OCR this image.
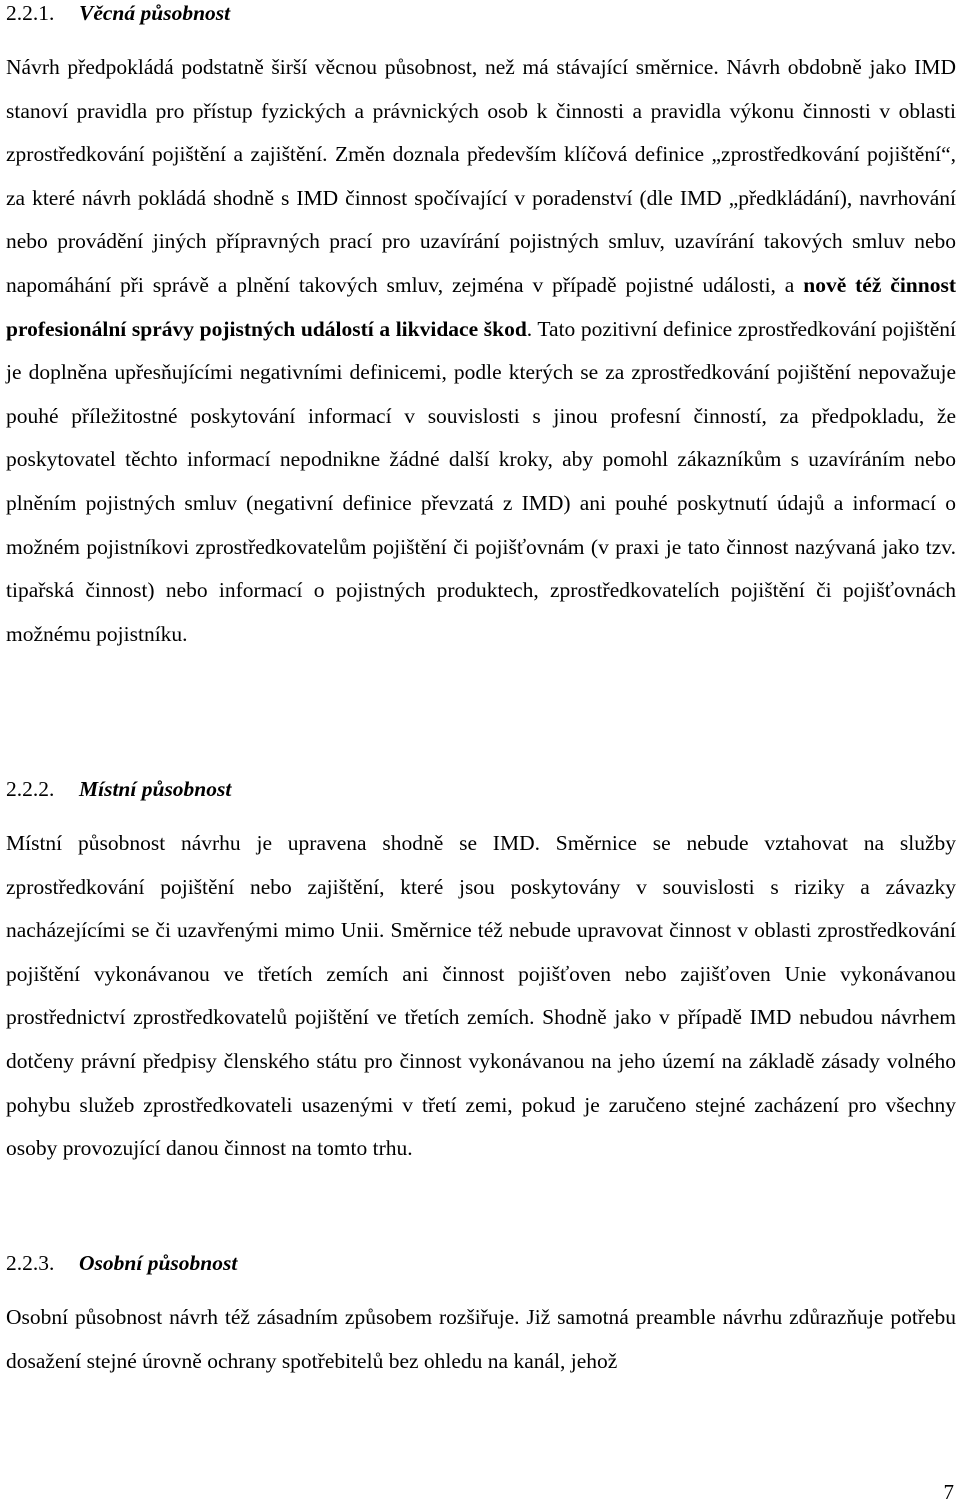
2.2.1. Věcná působnost
Návrh předpokládá podstatně širší věcnou působnost, než má stávající směrnice. Návrh obdobně jako IMD stanoví pravidla pro přístup fyzických a právnických osob k činnosti a pravidla výkonu činnosti v oblasti zprostředkování pojištění a zajištění. Změn doznala především klíčová definice „zprostředkování pojištění“, za které návrh pokládá shodně s IMD činnost spočívající v poradenství (dle IMD „předkládání), navrhování nebo provádění jiných přípravných prací pro uzavírání pojistných smluv, uzavírání takových smluv nebo napomáhání při správě a plnění takových smluv, zejména v případě pojistné události, a nově též činnost profesionální správy pojistných událostí a likvidace škod. Tato pozitivní definice zprostředkování pojištění je doplněna upřesňujícími negativními definicemi, podle kterých se za zprostředkování pojištění nepovažuje pouhé příležitostné poskytování informací v souvislosti s jinou profesní činností, za předpokladu, že poskytovatel těchto informací nepodnikne žádné další kroky, aby pomohl zákazníkům s uzavíráním nebo plněním pojistných smluv (negativní definice převzatá z IMD) ani pouhé poskytnutí údajů a informací o možném pojistníkovi zprostředkovatelům pojištění či pojišťovnám (v praxi je tato činnost nazývaná jako tzv. tipařská činnost) nebo informací o pojistných produktech, zprostředkovatelích pojištění či pojišťovnách možnému pojistníku.
2.2.2. Místní působnost
Místní působnost návrhu je upravena shodně se IMD. Směrnice se nebude vztahovat na služby zprostředkování pojištění nebo zajištění, které jsou poskytovány v souvislosti s riziky a závazky nacházejícími se či uzavřenými mimo Unii. Směrnice též nebude upravovat činnost v oblasti zprostředkování pojištění vykonávanou ve třetích zemích ani činnost pojišťoven nebo zajišťoven Unie vykonávanou prostřednictví zprostředkovatelů pojištění ve třetích zemích. Shodně jako v případě IMD nebudou návrhem dotčeny právní předpisy členského státu pro činnost vykonávanou na jeho území na základě zásady volného pohybu služeb zprostředkovateli usazenými v třetí zemi, pokud je zaručeno stejné zacházení pro všechny osoby provozující danou činnost na tomto trhu.
2.2.3. Osobní působnost
Osobní působnost návrh též zásadním způsobem rozšiřuje. Již samotná preamble návrhu zdůrazňuje potřebu dosažení stejné úrovně ochrany spotřebitelů bez ohledu na kanál, jehož
7
